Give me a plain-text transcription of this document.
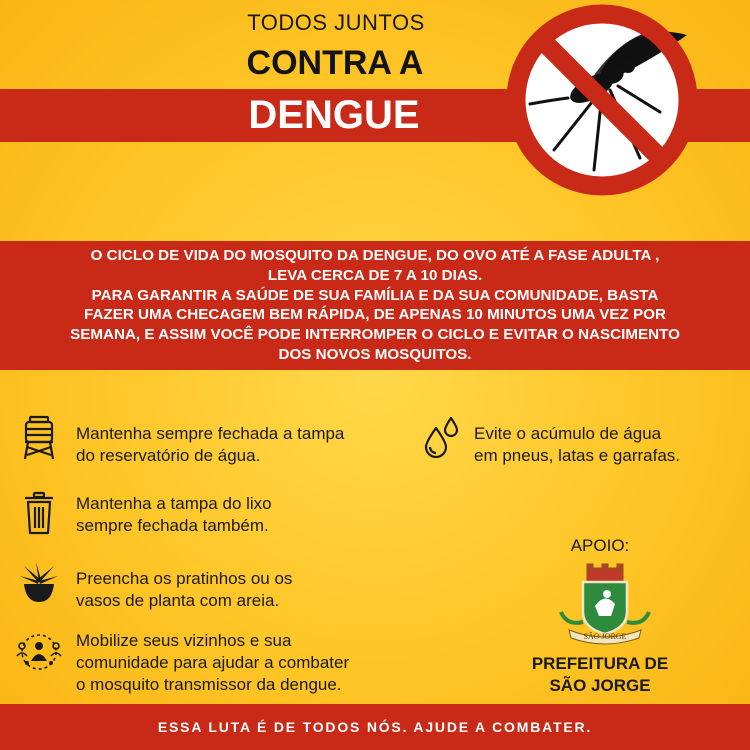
TODOS JUNTOS
CONTRA A
DENGUE

O CICLO DE VIDA DO MOSQUITO DA DENGUE, DO OVO ATÉ A FASE ADULTA ,

LEVA CERCA DE 7 A 10 DIAS.

PARA GARANTIR A SAÚDE DE SUA FAMÍLIA E DA SUA COMUNIDADE, BASTA

FAZER UMA CHECAGEM BEM RÁPIDA, DE APENAS 10 MINUTOS UMA VEZ POR

SEMANA, E ASSIM VOCÊ PODE INTERROMPER O CICLO E EVITAR O NASCIMENTO

DOS NOVOS MOSQUITOS.

Mantenha sempre fechada a tampa
do reservatório de água.
Mantenha a tampa do lixo
sempre fechada também.
Preencha os pratinhos ou os
vasos de planta com areia.
Mobilize seus vizinhos e sua
comunidade para ajudar a combater
o mosquito transmissor da dengue.
Evite o acúmulo de água
em pneus, latas e garrafas.
APOIO:
SÃO JORGE
PREFEITURA DE
SÃO JORGE
ESSA LUTA É DE TODOS NÓS. AJUDE A COMBATER.
